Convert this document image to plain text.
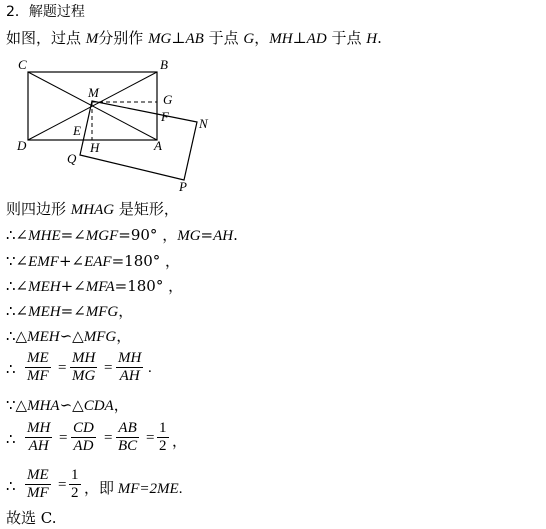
2．解题过程
如图，过点 M分别作 MG⊥AB 于点 G，MH⊥AD 于点 H.
C	B
M	G
F N
E
D	H	A
Q
P
则四边形 MHAG 是矩形，
∴∠MHE=∠MGF=90° ，MG=AH.
∵∠EMF+∠EAF=180° ，
∴∠MEH+∠MFA=180° ，
∴∠MEH=∠MFG，
∴△MEH∽△MFG，
∴
ME
MF =
MH
MG =
MH
AH .
∵△MHA∽△CDA，
∴
MH
AH =
CD
AD =
AB
BC =
1
2 ，
∴
ME
MF =
1
2 ，即 MF=2ME.
故选 C.
